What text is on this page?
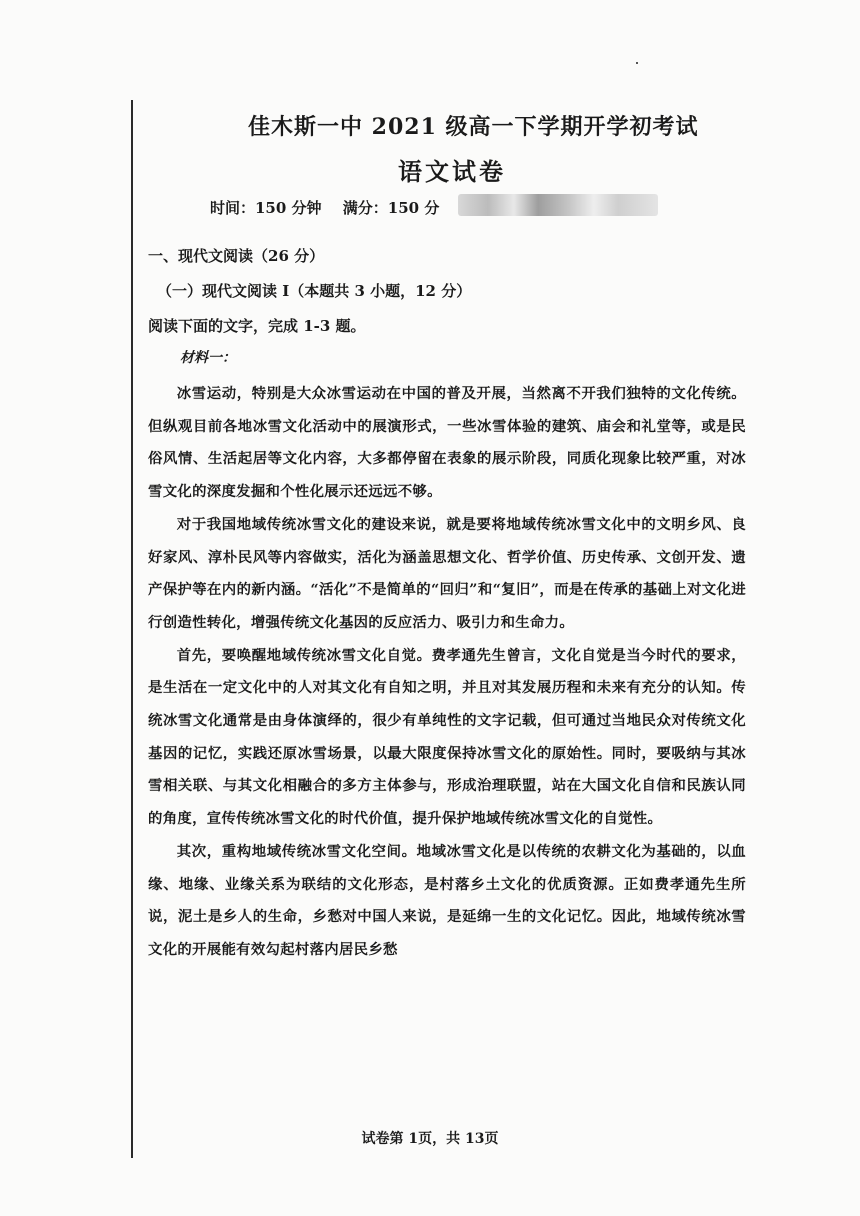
佳木斯一中 2021 级高一下学期开学初考试
语文试卷
时间：150 分钟 满分：150 分
一、现代文阅读（26 分）
（一）现代文阅读 I（本题共 3 小题，12 分）
阅读下面的文字，完成 1-3 题。
材料一：

冰雪运动，特别是大众冰雪运动在中国的普及开展，当然离不开我们独特的文化传统。但纵观目前各地冰雪文化活动中的展演形式，一些冰雪体验的建筑、庙会和礼堂等，或是民俗风情、生活起居等文化内容，大多都停留在表象的展示阶段，同质化现象比较严重，对冰雪文化的深度发掘和个性化展示还远远不够。

对于我国地域传统冰雪文化的建设来说，就是要将地域传统冰雪文化中的文明乡风、良好家风、淳朴民风等内容做实，活化为涵盖思想文化、哲学价值、历史传承、文创开发、遗产保护等在内的新内涵。“活化”不是简单的“回归”和“复旧”，而是在传承的基础上对文化进行创造性转化，增强传统文化基因的反应活力、吸引力和生命力。

首先，要唤醒地域传统冰雪文化自觉。费孝通先生曾言，文化自觉是当今时代的要求，是生活在一定文化中的人对其文化有自知之明，并且对其发展历程和未来有充分的认知。传统冰雪文化通常是由身体演绎的，很少有单纯性的文字记载，但可通过当地民众对传统文化基因的记忆，实践还原冰雪场景，以最大限度保持冰雪文化的原始性。同时，要吸纳与其冰雪相关联、与其文化相融合的多方主体参与，形成治理联盟，站在大国文化自信和民族认同的角度，宣传传统冰雪文化的时代价值，提升保护地域传统冰雪文化的自觉性。

其次，重构地域传统冰雪文化空间。地域冰雪文化是以传统的农耕文化为基础的，以血缘、地缘、业缘关系为联结的文化形态，是村落乡土文化的优质资源。正如费孝通先生所说，泥土是乡人的生命，乡愁对中国人来说，是延绵一生的文化记忆。因此，地域传统冰雪文化的开展能有效勾起村落内居民乡愁

试卷第 1页，共 13页
